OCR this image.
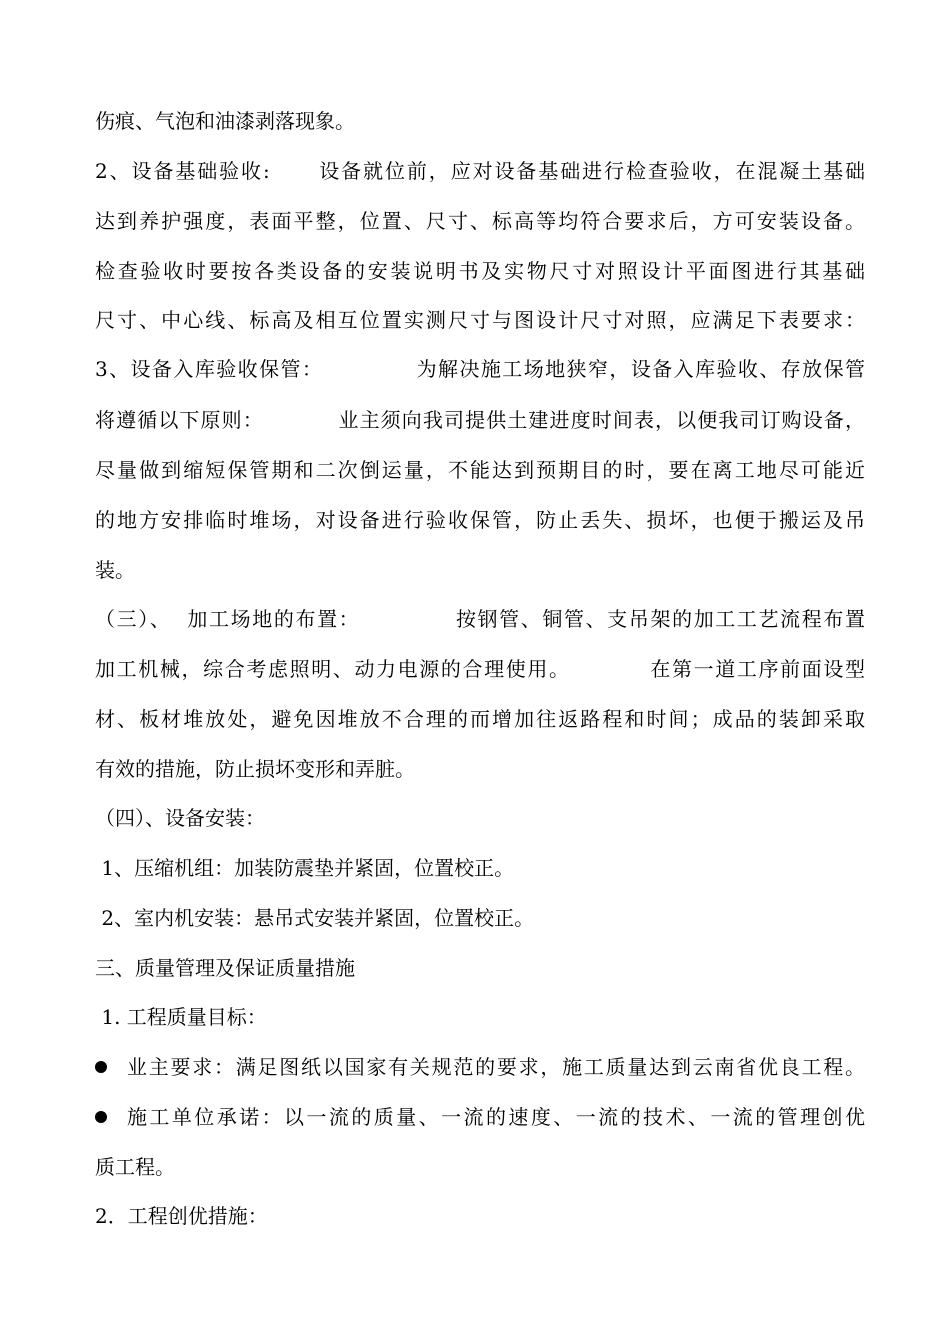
伤痕、气泡和油漆剥落现象。
2、设备基础验收:      设备就位前，应对设备基础进行检查验收，在混凝土基础
达到养护强度，表面平整，位置、尺寸、标高等均符合要求后，方可安装设备。
检查验收时要按各类设备的安装说明书及实物尺寸对照设计平面图进行其基础
尺寸、中心线、标高及相互位置实测尺寸与图设计尺寸对照，应满足下表要求：
3、设备入库验收保管：            为解决施工场地狭窄，设备入库验收、存放保管
将遵循以下原则：          业主须向我司提供土建进度时间表，以便我司订购设备，
尽量做到缩短保管期和二次倒运量，不能达到预期目的时，要在离工地尽可能近
的地方安排临时堆场，对设备进行验收保管，防止丢失、损坏，也便于搬运及吊
装。
（三）、  加工场地的布置：            按钢管、铜管、支吊架的加工工艺流程布置
加工机械，综合考虑照明、动力电源的合理使用。          在第一道工序前面设型
材、板材堆放处，避免因堆放不合理的而增加往返路程和时间；成品的装卸采取
有效的措施，防止损坏变形和弄脏。
（四）、设备安装：
1、压缩机组：加装防震垫并紧固，位置校正。
2、室内机安装：悬吊式安装并紧固，位置校正。
三、质量管理及保证质量措施
1. 工程质量目标：
业主要求：满足图纸以国家有关规范的要求，施工质量达到云南省优良工程。
施工单位承诺：以一流的质量、一流的速度、一流的技术、一流的管理创优
质工程。
2．工程创优措施：
